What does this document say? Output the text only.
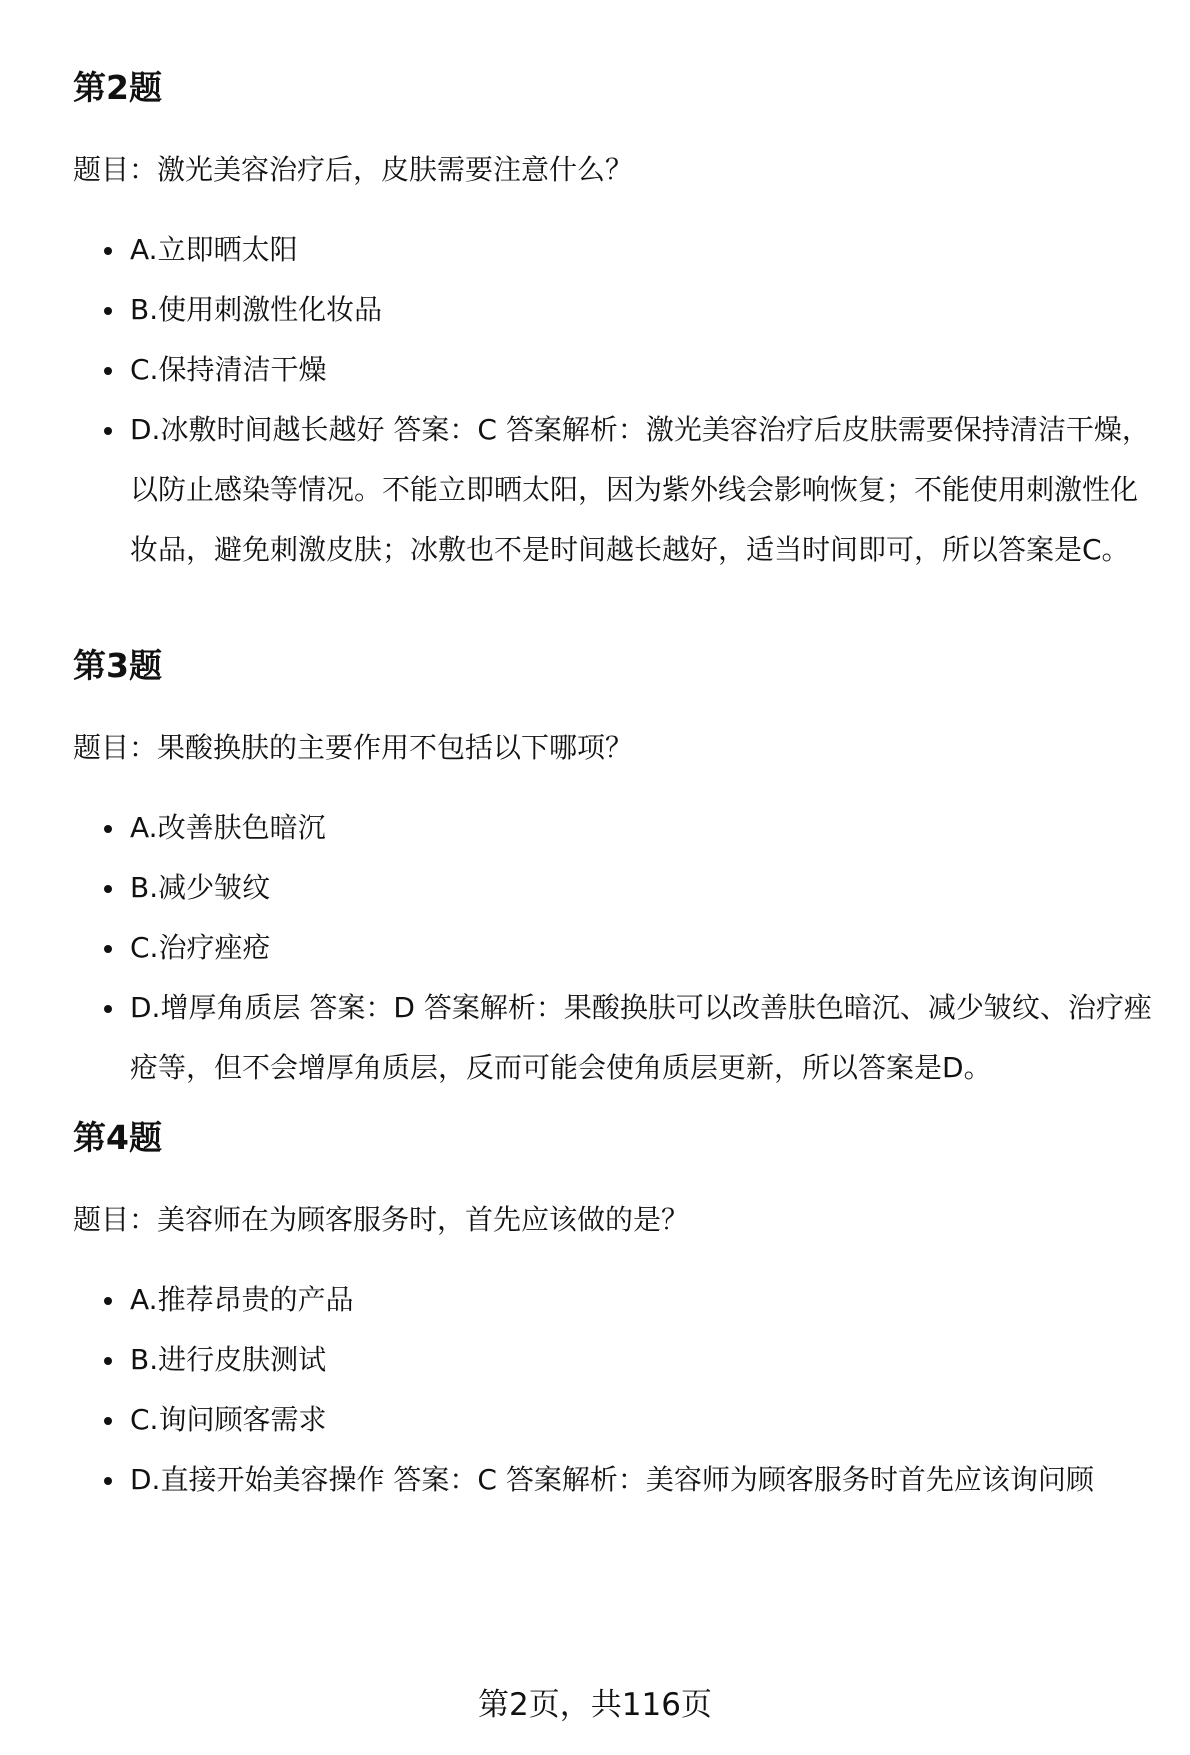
第2题

题目：激光美容治疗后，皮肤需要注意什么？

A.立即晒太阳
B.使用刺激性化妆品
C.保持清洁干燥
D.冰敷时间越长越好 答案：C 答案解析：激光美容治疗后皮肤需要保持清洁干燥，以防止感染等情况。不能立即晒太阳，因为紫外线会影响恢复；不能使用刺激性化妆品，避免刺激皮肤；冰敷也不是时间越长越好，适当时间即可，所以答案是C。
第3题

题目：果酸换肤的主要作用不包括以下哪项？

A.改善肤色暗沉
B.减少皱纹
C.治疗痤疮
D.增厚角质层 答案：D 答案解析：果酸换肤可以改善肤色暗沉、减少皱纹、治疗痤疮等，但不会增厚角质层，反而可能会使角质层更新，所以答案是D。
第4题

题目：美容师在为顾客服务时，首先应该做的是？

A.推荐昂贵的产品
B.进行皮肤测试
C.询问顾客需求
D.直接开始美容操作 答案：C 答案解析：美容师为顾客服务时首先应该询问顾
第2页，共116页
